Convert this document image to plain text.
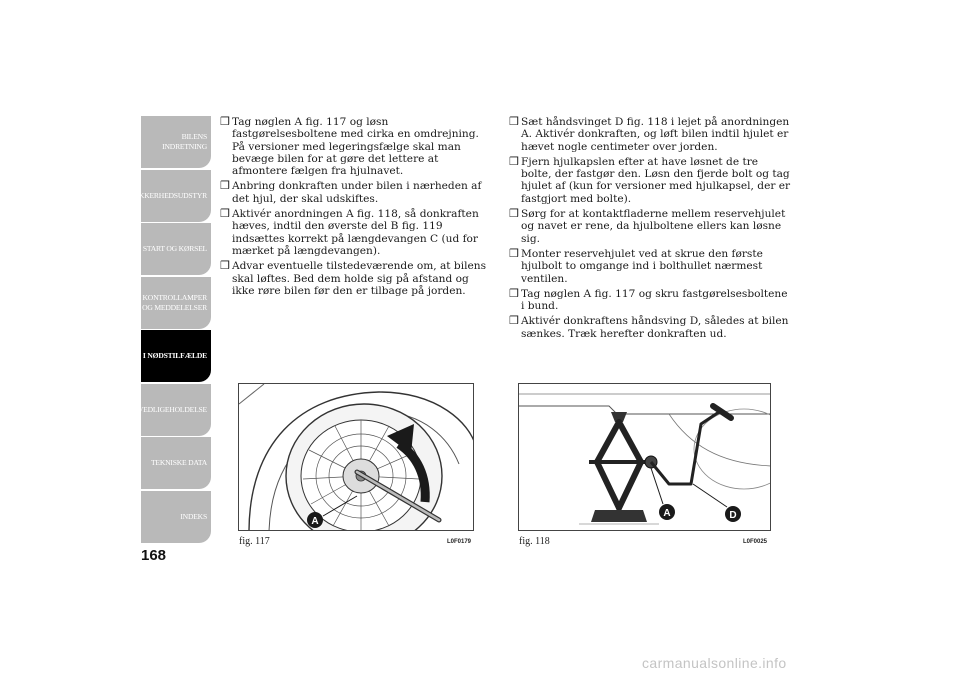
BILENS
INDRETNING
SIKKERHEDSUDSTYR
START OG KØRSEL
KONTROLLAMPER
OG MEDDELELSER
I NØDSTILFÆLDE
VEDLIGEHOLDELSE
TEKNISKE DATA
INDEKS
168
❒ Tag nøglen A fig. 117 og løsn fastgørelsesboltene med cirka en omdrejning. På versioner med legeringsfælge skal man bevæge bilen for at gøre det lettere at afmontere fælgen fra hjulnavet.
❒ Anbring donkraften under bilen i nærheden af det hjul, der skal udskiftes.
❒ Aktivér anordningen A fig. 118, så donkraften hæves, indtil den øverste del B fig. 119 indsættes korrekt på længdevangen C (ud for mærket på længdevangen).
❒ Advar eventuelle tilstedeværende om, at bilens skal løftes. Bed dem holde sig på afstand og ikke røre bilen før den er tilbage på jorden.
❒ Sæt håndsvinget D fig. 118 i lejet på anordningen A. Aktivér donkraften, og løft bilen indtil hjulet er hævet nogle centimeter over jorden.
❒ Fjern hjulkapslen efter at have løsnet de tre bolte, der fastgør den. Løsn den fjerde bolt og tag hjulet af (kun for versioner med hjulkapsel, der er fastgjort med bolte).
❒ Sørg for at kontaktfladerne mellem reservehjulet og navet er rene, da hjulboltene ellers kan løsne sig.
❒ Monter reservehjulet ved at skrue den første hjulbolt to omgange ind i bolthullet nærmest ventilen.
❒ Tag nøglen A fig. 117 og skru fastgørelsesboltene i bund.
❒ Aktivér donkraftens håndsving D, således at bilen sænkes. Træk herefter donkraften ud.
A
fig. 117	L0F0179
A	D
fig. 118	L0F0025
carmanualsonline.info
